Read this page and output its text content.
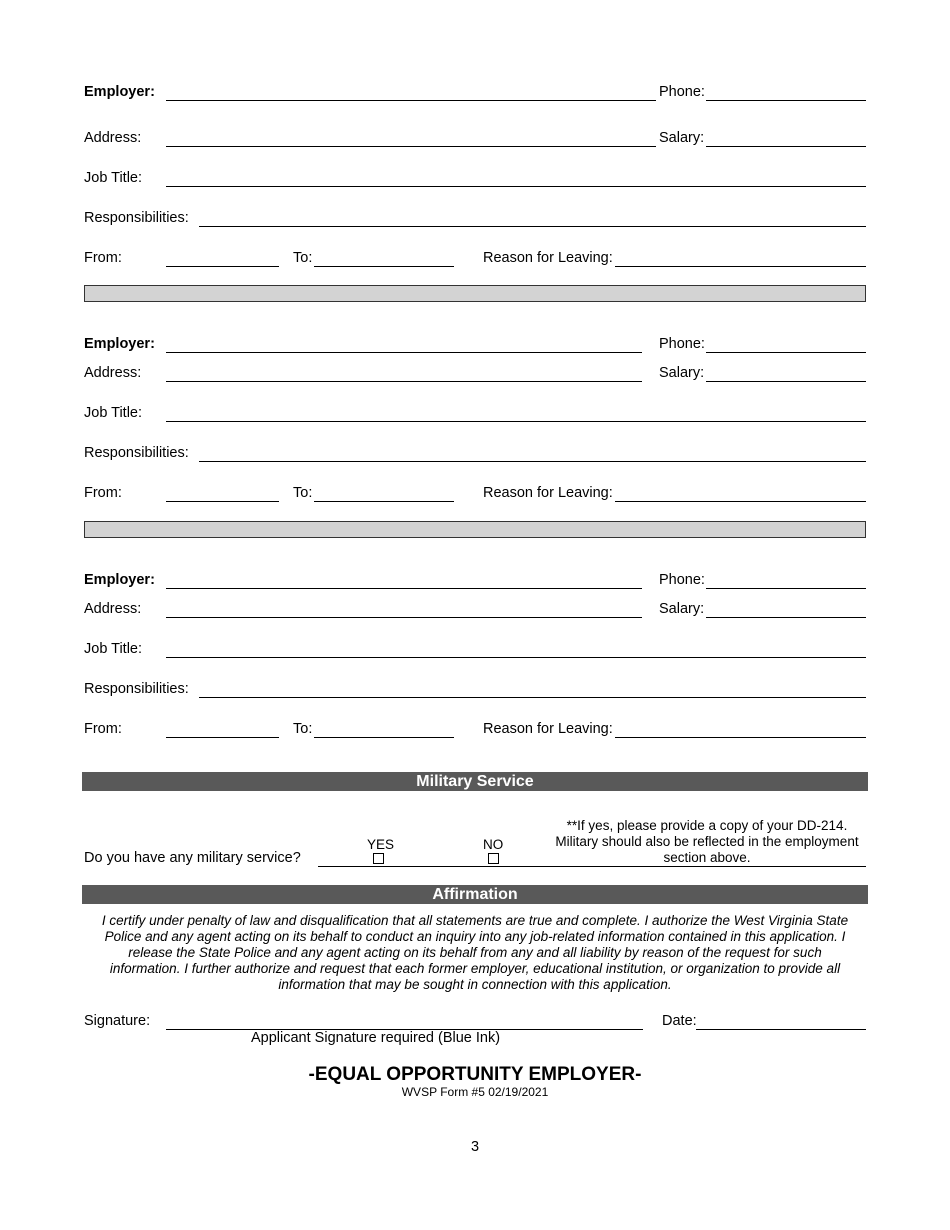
Employer:	Phone:
Address:	Salary:
Job Title:
Responsibilities:
From:	To:	Reason for Leaving:
Employer:	Phone:
Address:	Salary:
Job Title:
Responsibilities:
From:	To:	Reason for Leaving:
Employer:	Phone:
Address:	Salary:
Job Title:
Responsibilities:
From:	To:	Reason for Leaving:
Military Service
**If yes, please provide a copy of your DD-214.
Military should also be reflected in the employment
section above.
Do you have any military service?
YES	NO
Affirmation
I certify under penalty of law and disqualification that all statements are true and complete. I authorize the West Virginia State
Police and any agent acting on its behalf to conduct an inquiry into any job-related information contained in this application. I
release the State Police and any agent acting on its behalf from any and all liability by reason of the request for such
information. I further authorize and request that each former employer, educational institution, or organization to provide all
information that may be sought in connection with this application.
Signature:
Applicant Signature required (Blue Ink)
Date:
-EQUAL OPPORTUNITY EMPLOYER-
WVSP Form #5 02/19/2021
3
